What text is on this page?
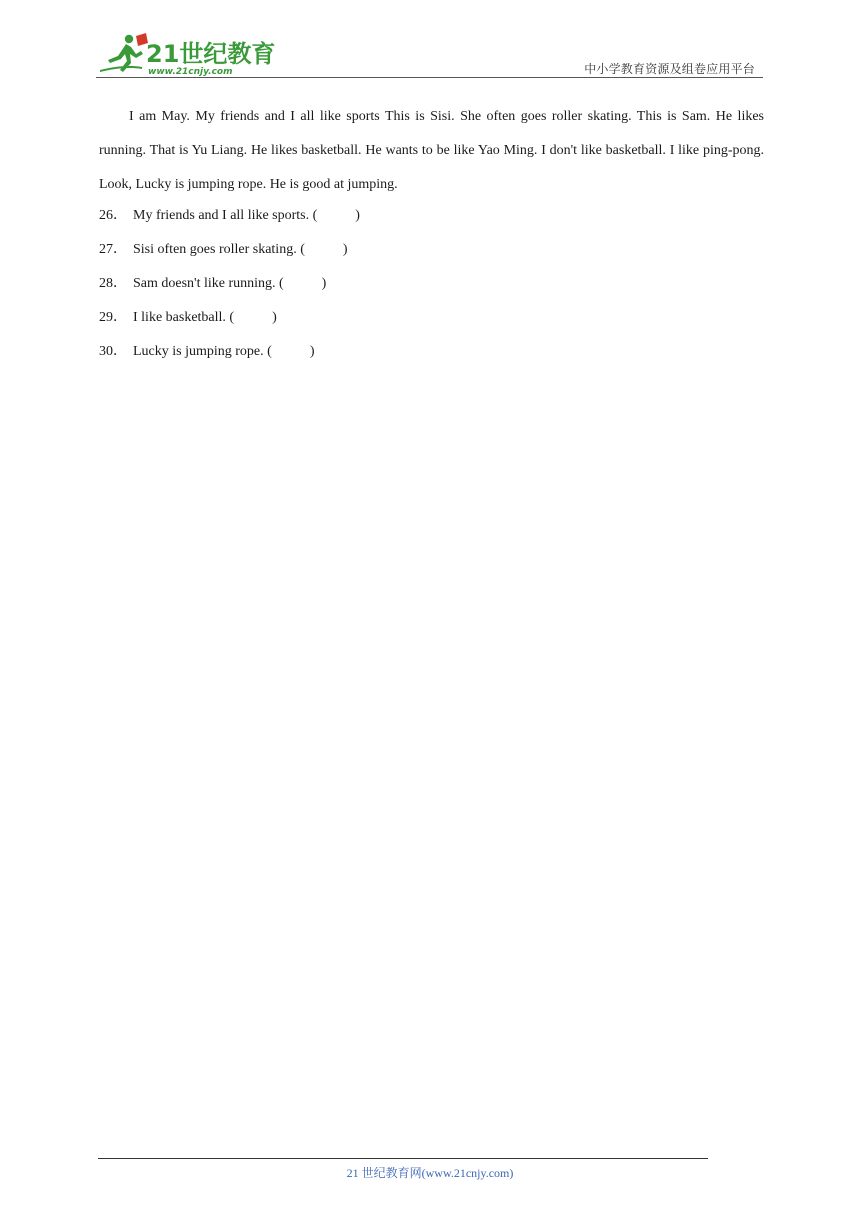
21世纪教育
www.21cnjy.com	中小学教育资源及组卷应用平台

I am May. My friends and I all like sports This is Sisi. She often goes roller skating. This is Sam. He likes running. That is Yu Liang. He likes basketball. He wants to be like Yao Ming. I don't like basketball. I like ping-pong. Look, Lucky is jumping rope. He is good at jumping.

26． My friends and I all like sports. (	)
27． Sisi often goes roller skating. (	)
28． Sam doesn't like running. (	)
29． I like basketball. (	)
30． Lucky is jumping rope. (	)
21 世纪教育网(www.21cnjy.com)
